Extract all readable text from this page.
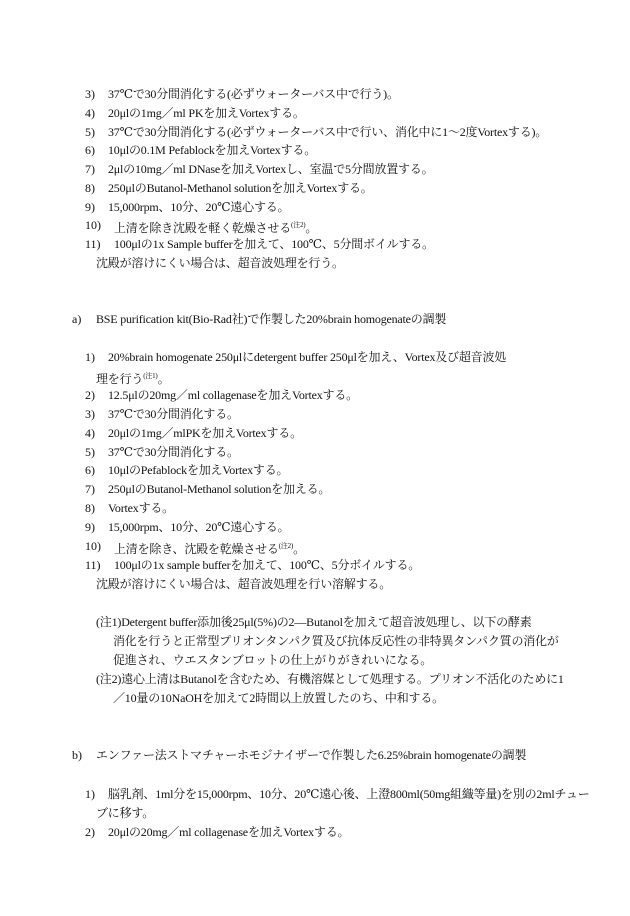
3) 37℃で30分間消化する(必ずウォーターバス中で行う)。
4) 20μlの1mg／ml PKを加えVortexする。
5) 37℃で30分間消化する(必ずウォーターバス中で行い、消化中に1～2度Vortexする)。
6) 10μlの0.1M Pefablockを加えVortexする。
7) 2μlの10mg／ml DNaseを加えVortexし、室温で5分間放置する。
8) 250μlのButanol-Methanol solutionを加えVortexする。
9) 15,000rpm、10分、20℃遠心する。
10) 上清を除き沈殿を軽く乾燥させる$^{(注2)}$。
11) 100μlの1x Sample bufferを加えて、100℃、5分間ボイルする。
沈殿が溶けにくい場合は、超音波処理を行う。
a) BSE purification kit(Bio-Rad社)で作製した20%brain homogenateの調製
1) 20%brain homogenate 250μlにdetergent buffer 250μlを加え、Vortex及び超音波処
理を行う$^{(注1)}$。
2) 12.5μlの20mg／ml collagenaseを加えVortexする。
3) 37℃で30分間消化する。
4) 20μlの1mg／mlPKを加えVortexする。
5) 37℃で30分間消化する。
6) 10μlのPefablockを加えVortexする。
7) 250μlのButanol-Methanol solutionを加える。
8) Vortexする。
9) 15,000rpm、10分、20℃遠心する。
10) 上清を除き、沈殿を乾燥させる$^{(注2)}$。
11) 100μlの1x sample bufferを加えて、100℃、5分ボイルする。
沈殿が溶けにくい場合は、超音波処理を行い溶解する。
(注1)Detergent buffer添加後25μl(5%)の2―Butanolを加えて超音波処理し、以下の酵素
消化を行うと正常型プリオンタンパク質及び抗体反応性の非特異タンパク質の消化が
促進され、ウエスタンブロットの仕上がりがきれいになる。
(注2)遠心上清はButanolを含むため、有機溶媒として処理する。プリオン不活化のために1
／10量の10NaOHを加えて2時間以上放置したのち、中和する。
b) エンファー法ストマチャーホモジナイザーで作製した6.25%brain homogenateの調製
1) 脳乳剤、1ml分を15,000rpm、10分、20℃遠心後、上澄800ml(50mg組織等量)を別の2mlチュー
ブに移す。
2) 20μlの20mg／ml collagenaseを加えVortexする。
